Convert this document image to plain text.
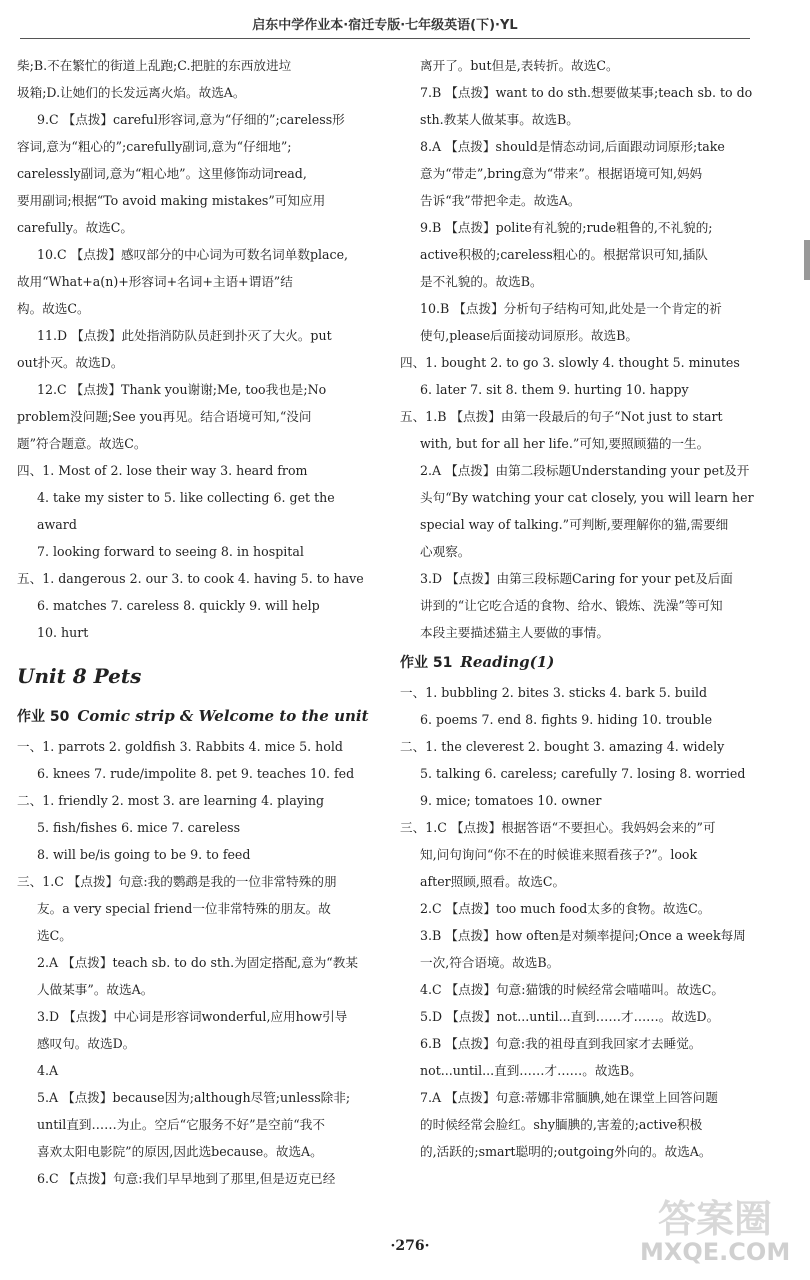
启东中学作业本·宿迁专版·七年级英语(下)·YL
柴;B.不在繁忙的街道上乱跑;C.把脏的东西放进垃
圾箱;D.让她们的长发远离火焰。故选A。
9.C 【点拨】careful形容词,意为“仔细的”;careless形
容词,意为“粗心的”;carefully副词,意为“仔细地”;
carelessly副词,意为“粗心地”。这里修饰动词read,
要用副词;根据“To avoid making mistakes”可知应用
carefully。故选C。
10.C 【点拨】感叹部分的中心词为可数名词单数place,
故用“What+a(n)+形容词+名词+主语+谓语”结
构。故选C。
11.D 【点拨】此处指消防队员赶到扑灭了大火。put
out扑灭。故选D。
12.C 【点拨】Thank you谢谢;Me, too我也是;No
problem没问题;See you再见。结合语境可知,“没问
题”符合题意。故选C。
四、1. Most of 2. lose their way 3. heard from
4. take my sister to 5. like collecting 6. get the award
7. looking forward to seeing 8. in hospital
五、1. dangerous 2. our 3. to cook 4. having 5. to have
6. matches 7. careless 8. quickly 9. will help
10. hurt
Unit 8 Pets
作业 50 Comic strip & Welcome to the unit
一、1. parrots 2. goldfish 3. Rabbits 4. mice 5. hold
6. knees 7. rude/impolite 8. pet 9. teaches 10. fed
二、1. friendly 2. most 3. are learning 4. playing
5. fish/fishes 6. mice 7. careless
8. will be/is going to be 9. to feed
三、1.C 【点拨】句意:我的鹦鹉是我的一位非常特殊的朋
友。a very special friend一位非常特殊的朋友。故
选C。
2.A 【点拨】teach sb. to do sth.为固定搭配,意为“教某
人做某事”。故选A。
3.D 【点拨】中心词是形容词wonderful,应用how引导
感叹句。故选D。
4.A
5.A 【点拨】because因为;although尽管;unless除非;
until直到……为止。空后“它服务不好”是空前“我不
喜欢太阳电影院”的原因,因此选because。故选A。
6.C 【点拨】句意:我们早早地到了那里,但是迈克已经
离开了。but但是,表转折。故选C。
7.B 【点拨】want to do sth.想要做某事;teach sb. to do
sth.教某人做某事。故选B。
8.A 【点拨】should是情态动词,后面跟动词原形;take
意为“带走”,bring意为“带来”。根据语境可知,妈妈
告诉“我”带把伞走。故选A。
9.B 【点拨】polite有礼貌的;rude粗鲁的,不礼貌的;
active积极的;careless粗心的。根据常识可知,插队
是不礼貌的。故选B。
10.B 【点拨】分析句子结构可知,此处是一个肯定的祈
使句,please后面接动词原形。故选B。
四、1. bought 2. to go 3. slowly 4. thought 5. minutes
6. later 7. sit 8. them 9. hurting 10. happy
五、1.B 【点拨】由第一段最后的句子“Not just to start
with, but for all her life.”可知,要照顾猫的一生。
2.A 【点拨】由第二段标题Understanding your pet及开
头句“By watching your cat closely, you will learn her
special way of talking.”可判断,要理解你的猫,需要细
心观察。
3.D 【点拨】由第三段标题Caring for your pet及后面
讲到的“让它吃合适的食物、给水、锻炼、洗澡”等可知
本段主要描述猫主人要做的事情。
作业 51 Reading(1)
一、1. bubbling 2. bites 3. sticks 4. bark 5. build
6. poems 7. end 8. fights 9. hiding 10. trouble
二、1. the cleverest 2. bought 3. amazing 4. widely
5. talking 6. careless; carefully 7. losing 8. worried
9. mice; tomatoes 10. owner
三、1.C 【点拨】根据答语“不要担心。我妈妈会来的”可
知,问句询问“你不在的时候谁来照看孩子?”。look
after照顾,照看。故选C。
2.C 【点拨】too much food太多的食物。故选C。
3.B 【点拨】how often是对频率提问;Once a week每周
一次,符合语境。故选B。
4.C 【点拨】句意:猫饿的时候经常会喵喵叫。故选C。
5.D 【点拨】not...until...直到……才……。故选D。
6.B 【点拨】句意:我的祖母直到我回家才去睡觉。
not...until...直到……才……。故选B。
7.A 【点拨】句意:蒂娜非常腼腆,她在课堂上回答问题
的时候经常会脸红。shy腼腆的,害羞的;active积极
的,活跃的;smart聪明的;outgoing外向的。故选A。
·276·
答案圈
MXQE.COM
